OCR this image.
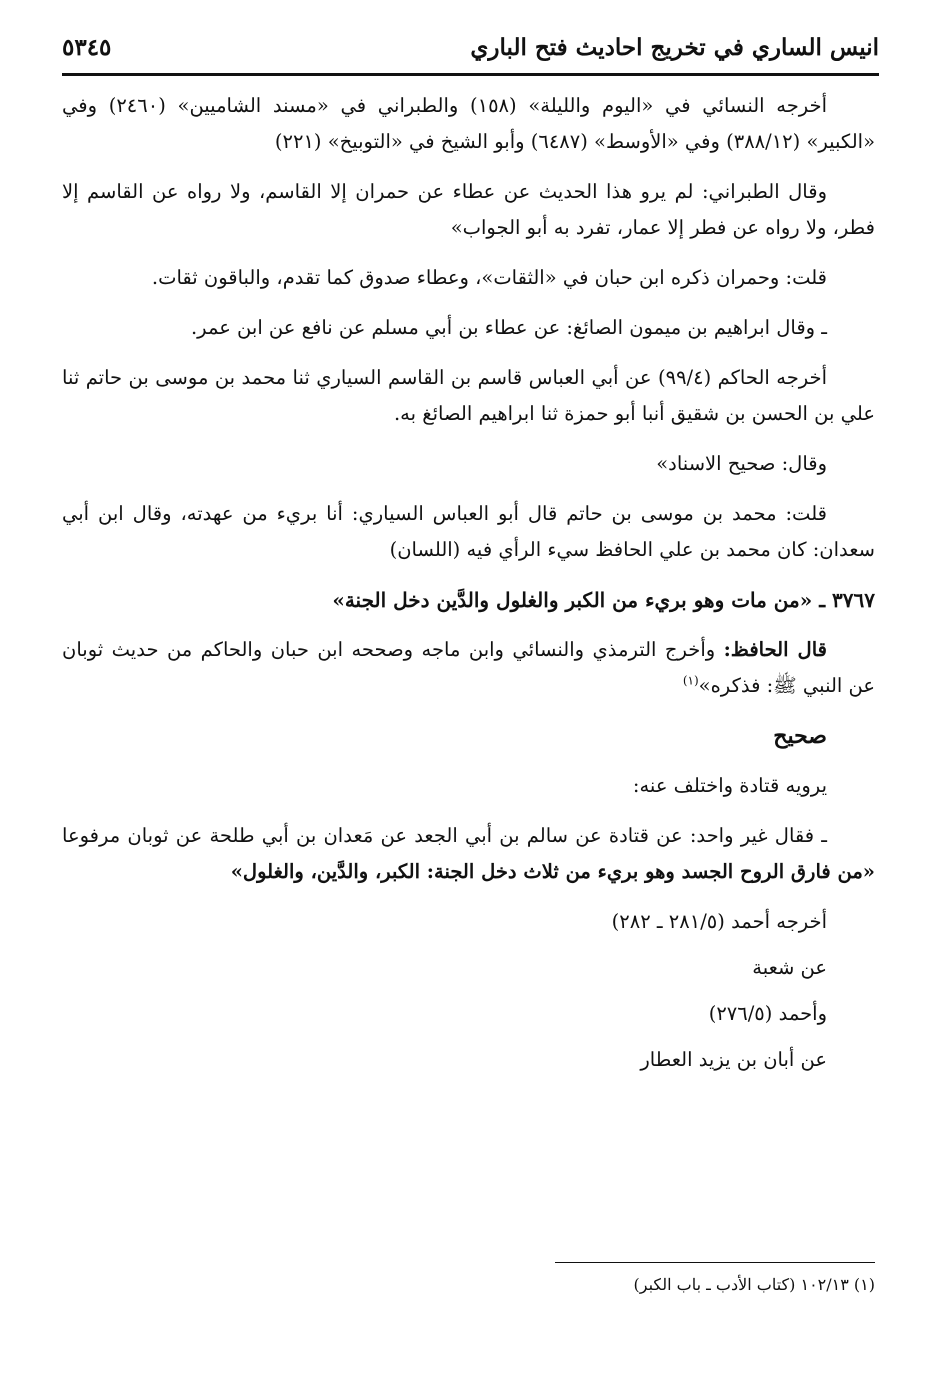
انيس الساري في تخريج احاديث فتح الباري
٥٣٤٥

أخرجه النسائي في «اليوم والليلة» (١٥٨) والطبراني في «مسند الشاميين» (٢٤٦٠) وفي «الكبير» (٣٨٨/١٢) وفي «الأوسط» (٦٤٨٧) وأبو الشيخ في «التوبيخ» (٢٢١)

وقال الطبراني: لم يرو هذا الحديث عن عطاء عن حمران إلا القاسم، ولا رواه عن القاسم إلا فطر، ولا رواه عن فطر إلا عمار، تفرد به أبو الجواب»

قلت: وحمران ذكره ابن حبان في «الثقات»، وعطاء صدوق كما تقدم، والباقون ثقات.

ـ وقال ابراهيم بن ميمون الصائغ: عن عطاء بن أبي مسلم عن نافع عن ابن عمر.

أخرجه الحاكم (٩٩/٤) عن أبي العباس قاسم بن القاسم السياري ثنا محمد بن موسى بن حاتم ثنا علي بن الحسن بن شقيق أنبا أبو حمزة ثنا ابراهيم الصائغ به.

وقال: صحيح الاسناد»

قلت: محمد بن موسى بن حاتم قال أبو العباس السياري: أنا بريء من عهدته، وقال ابن أبي سعدان: كان محمد بن علي الحافظ سيء الرأي فيه (اللسان)

٣٧٦٧ ـ «من مات وهو بريء من الكبر والغلول والدَّين دخل الجنة»

قال الحافظ: وأخرج الترمذي والنسائي وابن ماجه وصححه ابن حبان والحاكم من حديث ثوبان عن النبي ﷺ: فذكره»$^{(١)}$

صحيح

يرويه قتادة واختلف عنه:

ـ فقال غير واحد: عن قتادة عن سالم بن أبي الجعد عن مَعدان بن أبي طلحة عن ثوبان مرفوعا «من فارق الروح الجسد وهو بريء من ثلاث دخل الجنة: الكبر، والدَّين، والغلول»

أخرجه أحمد (٢٨١/٥ ـ ٢٨٢)

عن شعبة

وأحمد (٢٧٦/٥)

عن أبان بن يزيد العطار

(١) ١٠٢/١٣ (كتاب الأدب ـ باب الكبر)
